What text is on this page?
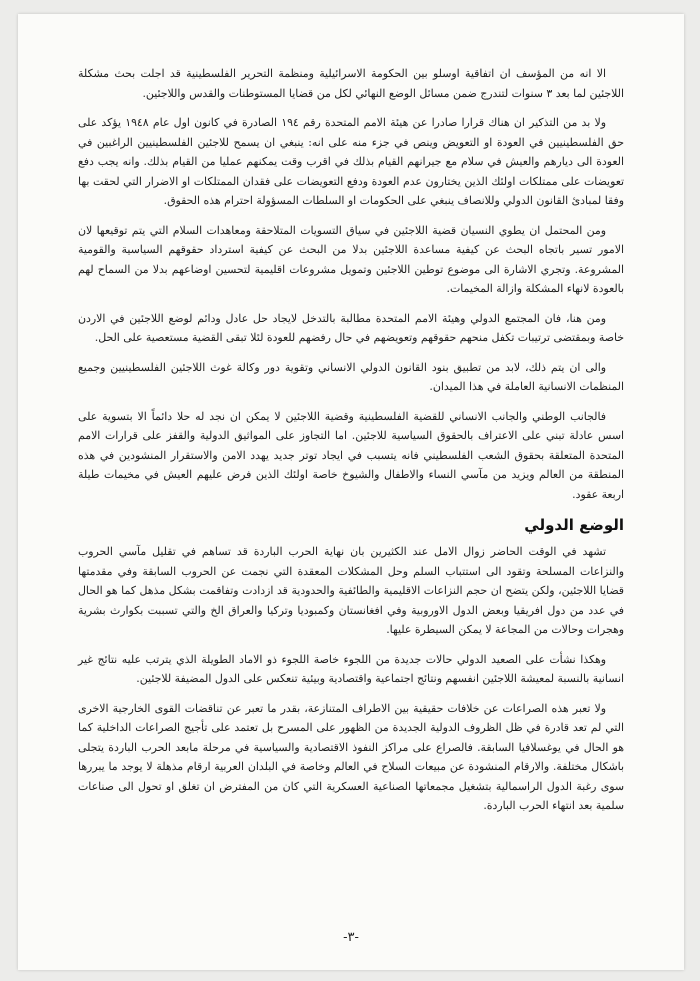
الا انه من المؤسف ان اتفاقية اوسلو بين الحكومة الاسرائيلية ومنظمة التحرير الفلسطينية قد اجلت بحث مشكلة اللاجئين لما بعد ٣ سنوات لتندرج ضمن مسائل الوضع النهائي لكل من قضايا المستوطنات والقدس واللاجئين.

ولا بد من التذكير ان هناك قرارا صادرا عن هيئة الامم المتحدة رقم ١٩٤ الصادرة في كانون اول عام ١٩٤٨ يؤكد على حق الفلسطينيين في العودة او التعويض وينص في جزء منه على انه: ينبغي ان يسمح للاجئين الفلسطينيين الراغبين في العودة الى ديارهم والعيش في سلام مع جيرانهم القيام بذلك في اقرب وقت يمكنهم عمليا من القيام بذلك. وانه يجب دفع تعويضات على ممتلكات اولئك الذين يختارون عدم العودة ودفع التعويضات على فقدان الممتلكات او الاضرار التي لحقت بها وفقا لمبادئ القانون الدولي وللانصاف ينبغي على الحكومات او السلطات المسؤولة احترام هذه الحقوق.

ومن المحتمل ان يطوي النسيان قضية اللاجئين في سياق التسويات المتلاحقة ومعاهدات السلام التي يتم توقيعها لان الامور تسير باتجاه البحث عن كيفية مساعدة اللاجئين بدلا من البحث عن كيفية استرداد حقوقهم السياسية والقومية المشروعة. وتجري الاشارة الى موضوع توطين اللاجئين وتمويل مشروعات اقليمية لتحسين اوضاعهم بدلا من السماح لهم بالعودة لانهاء المشكلة وازالة المخيمات.

ومن هنا، فان المجتمع الدولي وهيئة الامم المتحدة مطالبة بالتدخل لايجاد حل عادل ودائم لوضع اللاجئين في الاردن خاصة وبمقتضى ترتيبات تكفل منحهم حقوقهم وتعويضهم في حال رفضهم للعودة لئلا تبقى القضية مستعصية على الحل.

والى ان يتم ذلك، لابد من تطبيق بنود القانون الدولي الانساني وتقوية دور وكالة غوث اللاجئين الفلسطينيين وجميع المنظمات الانسانية العاملة في هذا الميدان.

فالجانب الوطني والجانب الانساني للقضية الفلسطينية وقضية اللاجئين لا يمكن ان نجد له حلا دائماً الا بتسوية على اسس عادلة تبني على الاعتراف بالحقوق السياسية للاجئين. اما التجاوز على المواثيق الدولية والقفز على قرارات الامم المتحدة المتعلقة بحقوق الشعب الفلسطيني فانه يتسبب في ايجاد توتر جديد يهدد الامن والاستقرار المنشودين في هذه المنطقة من العالم ويزيد من مآسي النساء والاطفال والشيوخ خاصة اولئك الذين فرض عليهم العيش في مخيمات طيلة اربعة عقود.

الوضع الدولي

تشهد في الوقت الحاضر زوال الامل عند الكثيرين بان نهاية الحرب الباردة قد تساهم في تقليل مآسي الحروب والنزاعات المسلحة وتقود الى استتباب السلم وحل المشكلات المعقدة التي نجمت عن الحروب السابقة وفي مقدمتها قضايا اللاجئين، ولكن يتضح ان حجم النزاعات الاقليمية والطائفية والحدودية قد ازدادت وتفاقمت بشكل مذهل كما هو الحال في عدد من دول افريقيا وبعض الدول الاوروبية وفي افغانستان وكمبوديا وتركيا والعراق الخ والتي تسببت بكوارث بشرية وهجرات وحالات من المجاعة لا يمكن السيطرة عليها.

وهكذا نشأت على الصعيد الدولي حالات جديدة من اللجوء خاصة اللجوء ذو الاماد الطويلة الذي يترتب عليه نتائج غير انسانية بالنسبة لمعيشة اللاجئين انفسهم ونتائج اجتماعية واقتصادية وبيئية تنعكس على الدول المضيفة للاجئين.

ولا تعبر هذه الصراعات عن خلافات حقيقية بين الاطراف المتنازعة، بقدر ما تعبر عن تناقضات القوى الخارجية الاخرى التي لم تعد قادرة في ظل الظروف الدولية الجديدة من الظهور على المسرح بل تعتمد على تأجيج الصراعات الداخلية كما هو الحال في يوغسلافيا السابقة. فالصراع على مراكز النفوذ الاقتصادية والسياسية في مرحلة مابعد الحرب الباردة يتجلى باشكال مختلفة. والارقام المنشودة عن مبيعات السلاح في العالم وخاصة في البلدان العربية ارقام مذهلة لا يوجد ما يبررها سوى رغبة الدول الراسمالية بتشغيل مجمعاتها الصناعية العسكرية التي كان من المفترض ان تغلق او تحول الى صناعات سلمية بعد انتهاء الحرب الباردة.

-٣-
